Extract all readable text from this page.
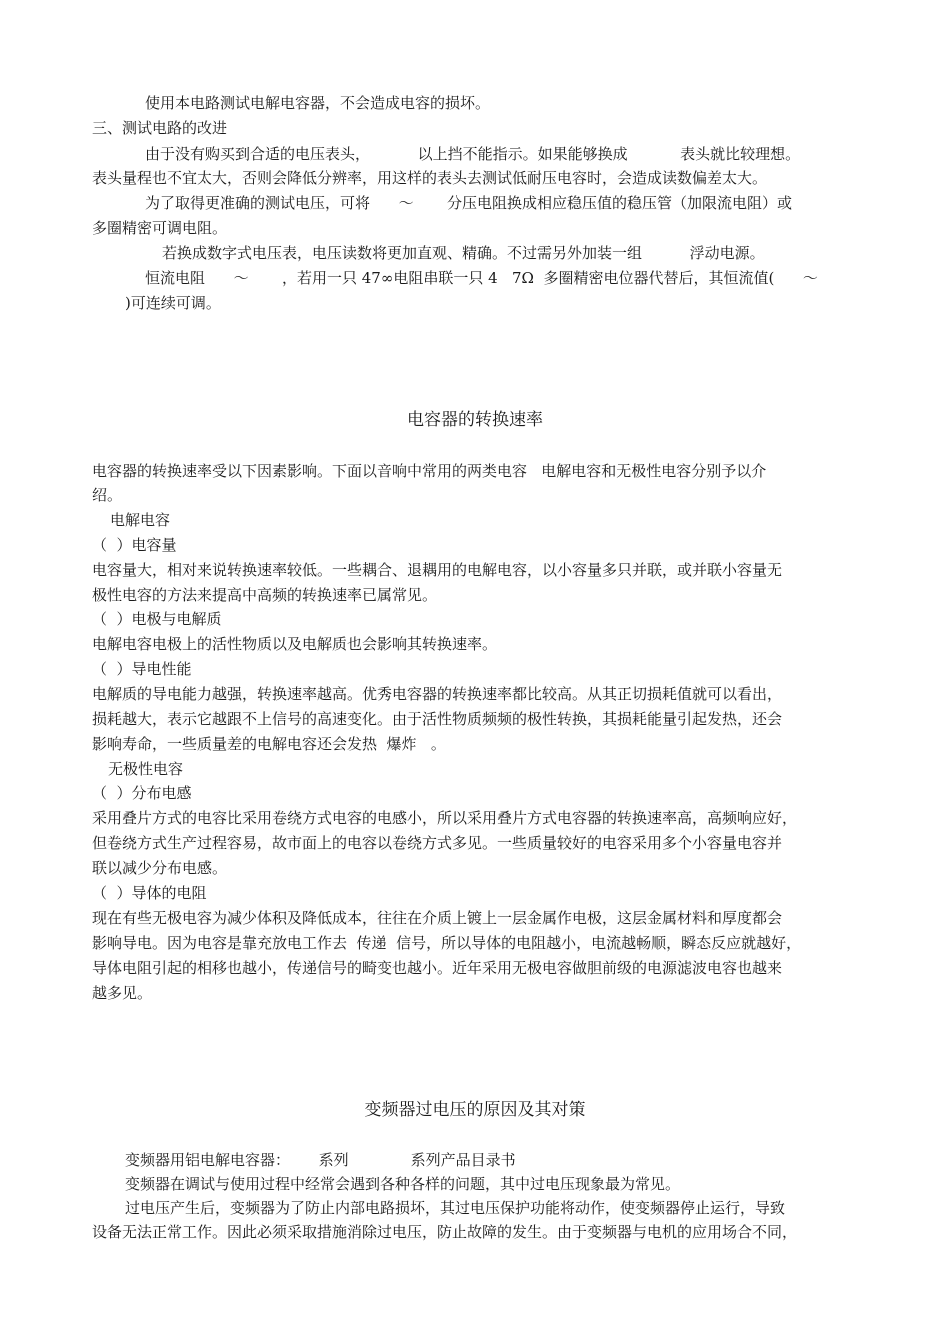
使用本电路测试电解电容器，不会造成电容的损坏。
三、测试电路的改进
由于没有购买到合适的电压表头，          以上挡不能指示。如果能够换成           表头就比较理想。
表头量程也不宜太大，否则会降低分辨率，用这样的表头去测试低耐压电容时，会造成读数偏差太大。
为了取得更准确的测试电压，可将      ～       分压电阻换成相应稳压值的稳压管（加限流电阻）或
多圈精密可调电阻。
若换成数字式电压表，电压读数将更加直观、精确。不过需另外加装一组          浮动电源。
恒流电阻      ～       ，若用一只 47∞电阻串联一只 4   7Ω  多圈精密电位器代替后，其恒流值(      ～
)可连续可调。
电容器的转换速率
电容器的转换速率受以下因素影响。下面以音响中常用的两类电容   电解电容和无极性电容分别予以介
绍。
电解电容
（  ）电容量
电容量大，相对来说转换速率较低。一些耦合、退耦用的电解电容，以小容量多只并联，或并联小容量无
极性电容的方法来提高中高频的转换速率已属常见。
（  ）电极与电解质
电解电容电极上的活性物质以及电解质也会影响其转换速率。
（  ）导电性能
电解质的导电能力越强，转换速率越高。优秀电容器的转换速率都比较高。从其正切损耗值就可以看出，
损耗越大，表示它越跟不上信号的高速变化。由于活性物质频频的极性转换，其损耗能量引起发热，还会
影响寿命，一些质量差的电解电容还会发热  爆炸   。
无极性电容
（  ）分布电感
采用叠片方式的电容比采用卷绕方式电容的电感小，所以采用叠片方式电容器的转换速率高，高频响应好，
但卷绕方式生产过程容易，故市面上的电容以卷绕方式多见。一些质量较好的电容采用多个小容量电容并
联以减少分布电感。
（  ）导体的电阻
现在有些无极电容为减少体积及降低成本，往往在介质上镀上一层金属作电极，这层金属材料和厚度都会
影响导电。因为电容是靠充放电工作去  传递  信号，所以导体的电阻越小，电流越畅顺，瞬态反应就越好，
导体电阻引起的相移也越小，传递信号的畸变也越小。近年采用无极电容做胆前级的电源滤波电容也越来
越多见。
变频器过电压的原因及其对策
变频器用铝电解电容器：      系列             系列产品目录书
变频器在调试与使用过程中经常会遇到各种各样的问题，其中过电压现象最为常见。
过电压产生后，变频器为了防止内部电路损坏，其过电压保护功能将动作，使变频器停止运行，导致
设备无法正常工作。因此必须采取措施消除过电压，防止故障的发生。由于变频器与电机的应用场合不同，
